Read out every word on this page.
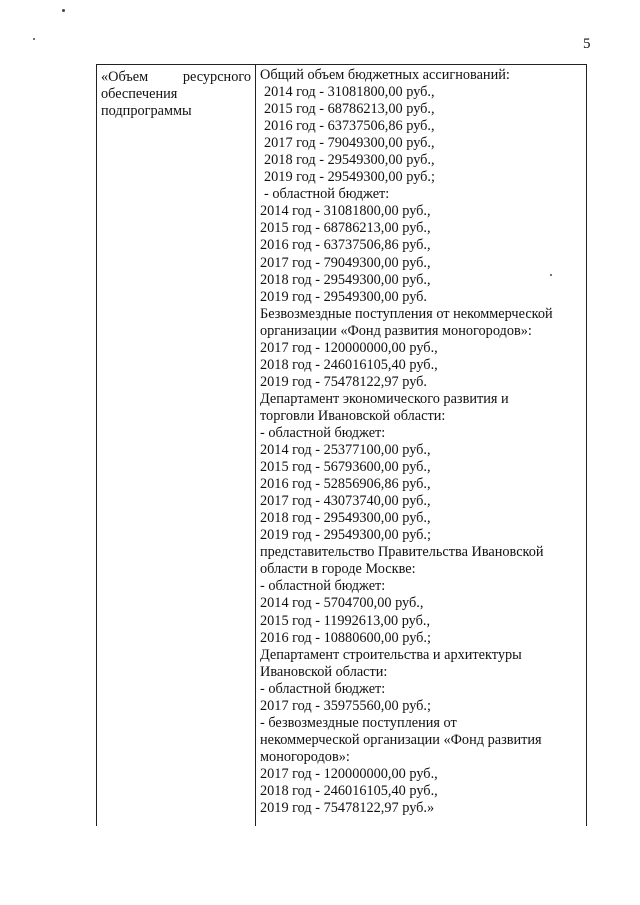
5
«Объем ресурсного
обеспечения
подпрограммы
Общий объем бюджетных ассигнований:
2014 год - 31081800,00 руб.,
2015 год - 68786213,00 руб.,
2016 год - 63737506,86 руб.,
2017 год - 79049300,00 руб.,
2018 год - 29549300,00 руб.,
2019 год - 29549300,00 руб.;
- областной бюджет:
2014 год - 31081800,00 руб.,
2015 год - 68786213,00 руб.,
2016 год - 63737506,86 руб.,
2017 год - 79049300,00 руб.,
2018 год - 29549300,00 руб.,
2019 год - 29549300,00 руб.
Безвозмездные поступления от некоммерческой
организации «Фонд развития моногородов»:
2017 год - 120000000,00 руб.,
2018 год - 246016105,40 руб.,
2019 год - 75478122,97 руб.
Департамент экономического развития и
торговли Ивановской области:
- областной бюджет:
2014 год - 25377100,00 руб.,
2015 год - 56793600,00 руб.,
2016 год - 52856906,86 руб.,
2017 год - 43073740,00 руб.,
2018 год - 29549300,00 руб.,
2019 год - 29549300,00 руб.;
представительство Правительства Ивановской
области в городе Москве:
- областной бюджет:
2014 год - 5704700,00 руб.,
2015 год - 11992613,00 руб.,
2016 год - 10880600,00 руб.;
Департамент строительства и архитектуры
Ивановской области:
- областной бюджет:
2017 год - 35975560,00 руб.;
- безвозмездные поступления от
некоммерческой организации «Фонд развития
моногородов»:
2017 год - 120000000,00 руб.,
2018 год - 246016105,40 руб.,
2019 год - 75478122,97 руб.»
